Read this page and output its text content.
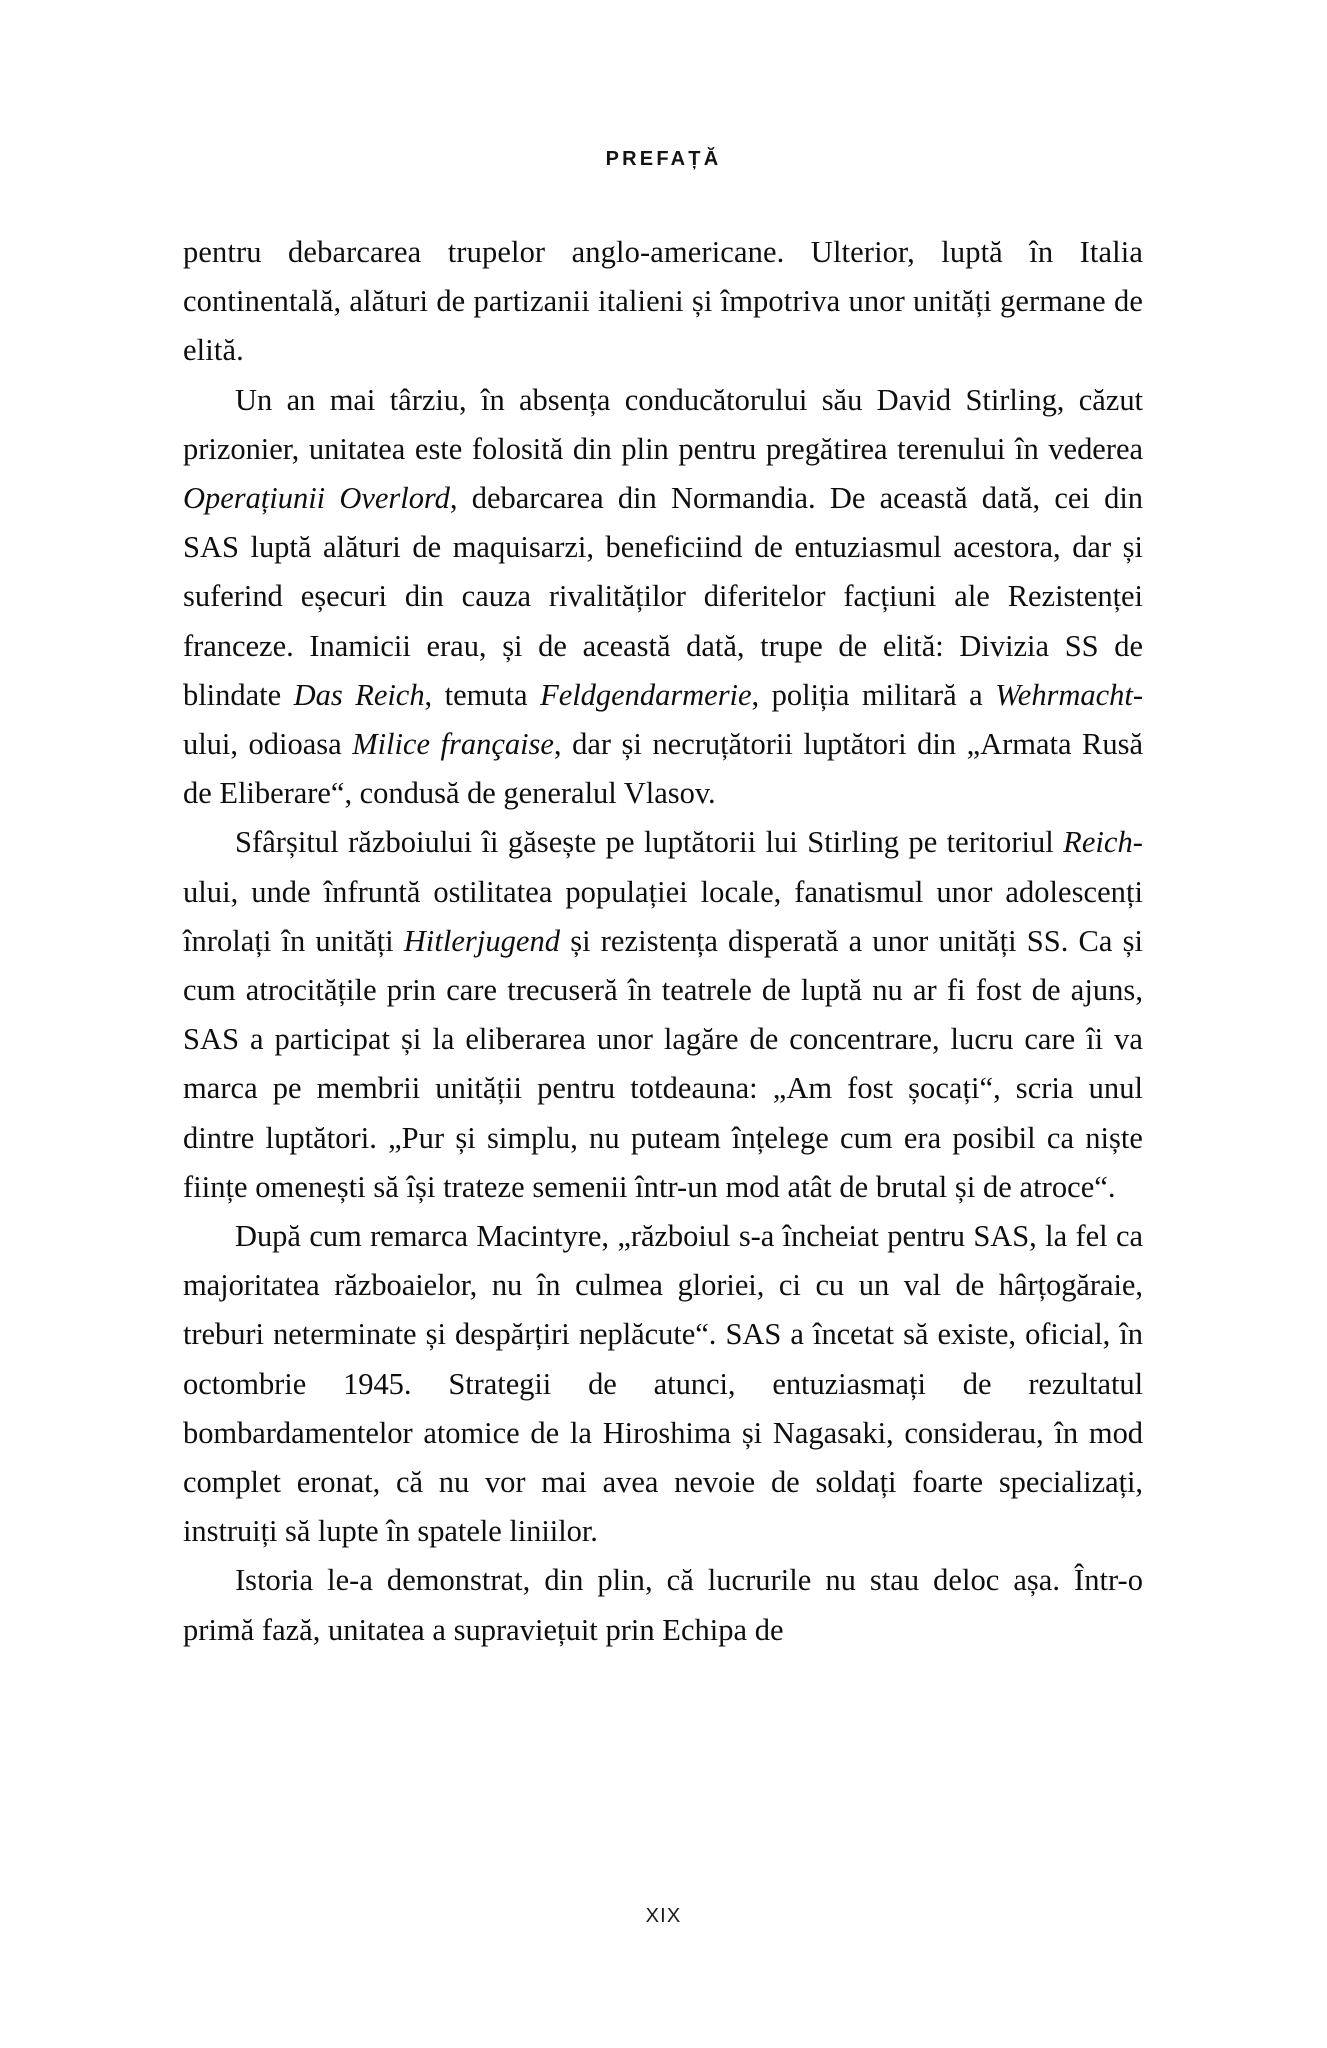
PREFAȚĂ

pentru debarcarea trupelor anglo-americane. Ulterior, luptă în Italia continentală, alături de partizanii italieni și împotriva unor unități germane de elită.

Un an mai târziu, în absența conducătorului său David Stirling, căzut prizonier, unitatea este folosită din plin pentru pregătirea terenului în vederea Operațiunii Overlord, debarcarea din Normandia. De această dată, cei din SAS luptă alături de maquisarzi, beneficiind de entuziasmul acestora, dar și suferind eșecuri din cauza rivalităților diferitelor facțiuni ale Rezistenței franceze. Inamicii erau, și de această dată, trupe de elită: Divizia SS de blindate Das Reich, temuta Feldgendarmerie, poliția militară a Wehrmacht-ului, odioasa Milice française, dar și necruțătorii luptători din „Armata Rusă de Eliberare“, condusă de generalul Vlasov.

Sfârșitul războiului îi găsește pe luptătorii lui Stirling pe teritoriul Reich-ului, unde înfruntă ostilitatea populației locale, fanatismul unor adolescenți înrolați în unități Hitlerjugend și rezistența disperată a unor unități SS. Ca și cum atrocitățile prin care trecuseră în teatrele de luptă nu ar fi fost de ajuns, SAS a participat și la eliberarea unor lagăre de concentrare, lucru care îi va marca pe membrii unității pentru totdeauna: „Am fost șocați“, scria unul dintre luptători. „Pur și simplu, nu puteam înțelege cum era posibil ca niște ființe omenești să își trateze semenii într-un mod atât de brutal și de atroce“.

După cum remarca Macintyre, „războiul s-a încheiat pentru SAS, la fel ca majoritatea războaielor, nu în culmea gloriei, ci cu un val de hârțogăraie, treburi neterminate și despărțiri neplăcute“. SAS a încetat să existe, oficial, în octombrie 1945. Strategii de atunci, entuziasmați de rezultatul bombardamentelor atomice de la Hiroshima și Nagasaki, considerau, în mod complet eronat, că nu vor mai avea nevoie de soldați foarte specializați, instruiți să lupte în spatele liniilor.

Istoria le-a demonstrat, din plin, că lucrurile nu stau deloc așa. Într-o primă fază, unitatea a supraviețuit prin Echipa de

XIX
